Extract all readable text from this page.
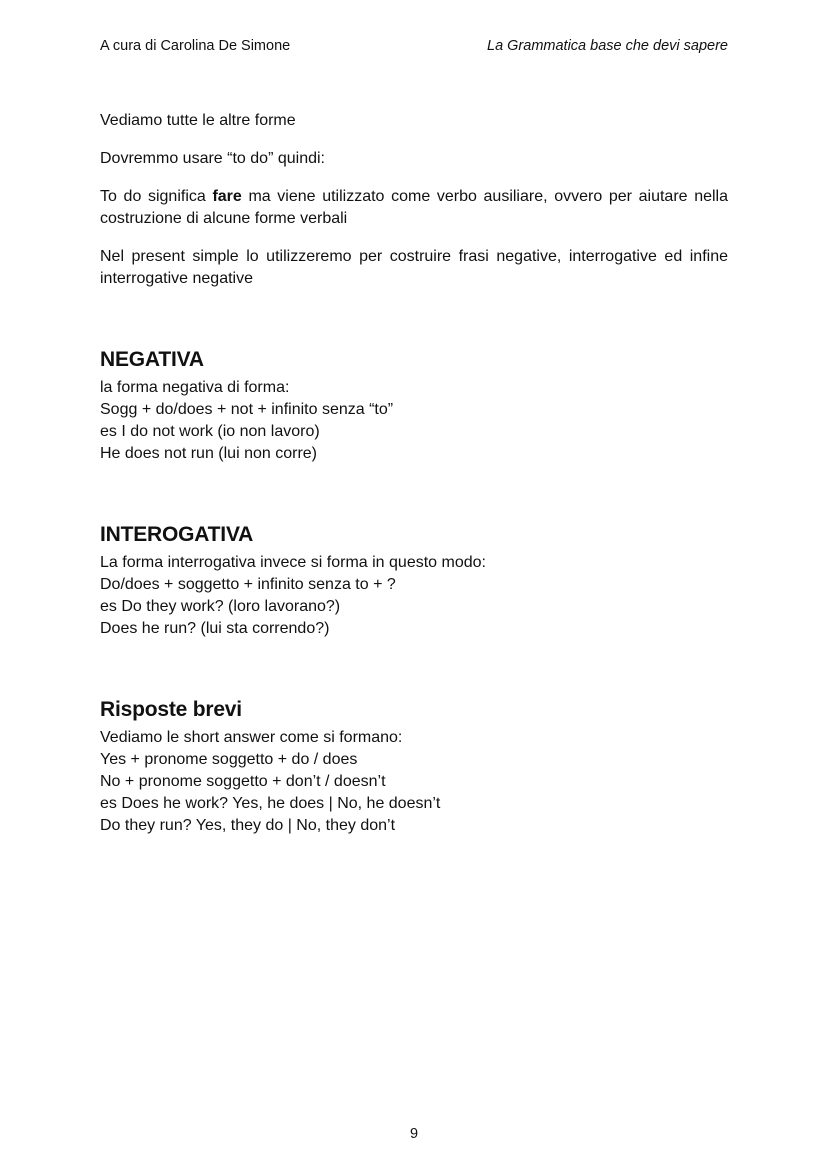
A cura di Carolina De Simone	La Grammatica base che devi sapere

Vediamo tutte le altre forme

Dovremmo usare “to do” quindi:

To do significa fare ma viene utilizzato come verbo ausiliare, ovvero per aiutare nella costruzione di alcune forme verbali

Nel present simple lo utilizzeremo per costruire frasi negative, interrogative ed infine interrogative negative

NEGATIVA
la forma negativa di forma:
Sogg + do/does + not + infinito senza “to”
es I do not work (io non lavoro)
He does not run (lui non corre)
INTEROGATIVA
La forma interrogativa invece si forma in questo modo:
Do/does + soggetto + infinito senza to + ?
es Do they work? (loro lavorano?)
Does he run? (lui sta correndo?)
Risposte brevi
Vediamo le short answer come si formano:
Yes + pronome soggetto + do / does
No + pronome soggetto + don’t / doesn’t
es Does he work? Yes, he does | No, he doesn’t
Do they run? Yes, they do | No, they don’t
9
